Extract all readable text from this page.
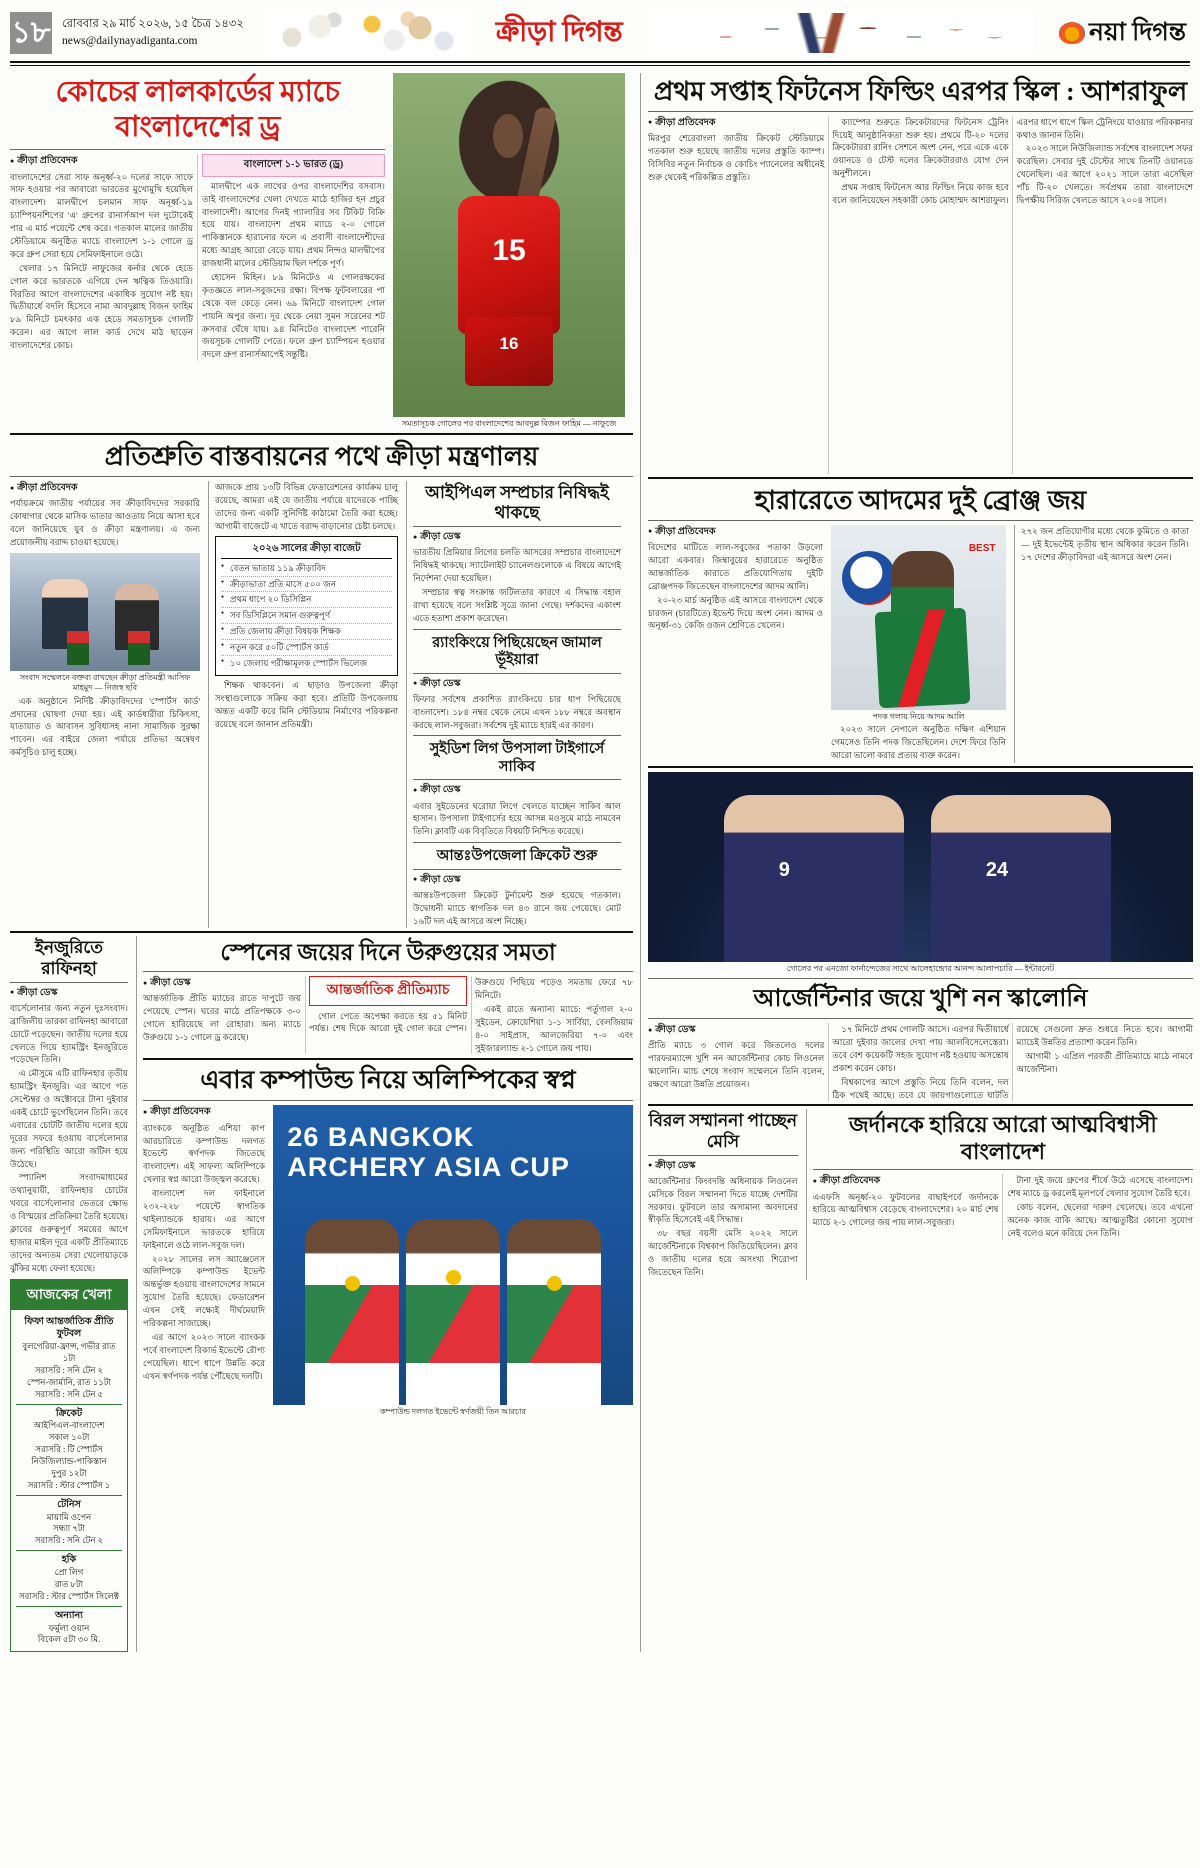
১৮ রোববার ২৯ মার্চ ২০২৬, ১৫ চৈত্র ১৪৩২
news@dailynayadiganta.com	ক্রীড়া দিগন্ত	নয়া দিগন্ত
কোচের লালকার্ডের ম্যাচে বাংলাদেশের ড্র
● ক্রীড়া প্রতিবেদক

বাংলাদেশের সেরা সাফ অনূর্ধ্ব-২০ দলের সাফে সাফে সাফ হওয়ার পর আবারো ভারতের মুখোমুখি হয়েছিল বাংলাদেশ। মালদ্বীপে চলমান সাফ অনূর্ধ্ব-১৯ চ্যাম্পিয়নশিপের 'এ' গ্রুপের রানার্সআপ দল দুটোকেই পার এ মার্চ পয়েন্টে শেষ করে। গতকাল মালের জাতীয় স্টেডিয়ামে অনুষ্ঠিত ম্যাচে বাংলাদেশ ১-১ গোলে ড্র করে গ্রুপ সেরা হয়ে সেমিফাইনালে ওঠে।

খেলার ১৭ মিনিটে নাফুজের কর্নার থেকে হেডে গোল করে ভারতকে এগিয়ে দেন ঋত্বিক তিওয়ারি। বিরতির আগে বাংলাদেশের একাধিক সুযোগ নষ্ট হয়। দ্বিতীয়ার্ধে বদলি হিসেবে নামা আবদুল্লাহ বিজন ফাহিম ৮৯ মিনিটে চমৎকার এক হেডে সমতাসূচক গোলটি করেন। এর আগে লাল কার্ড দেখে মাঠ ছাড়েন বাংলাদেশের কোচ।

বাংলাদেশ ১-১ ভারত (ড্র)

মালদ্বীপে এক লাখের ওপর বাংলাদেশির বসবাস। তাই বাংলাদেশের খেলা দেখতে মাঠে হাজির হন প্রচুর বাংলাদেশী। আগের দিনই গ্যালারির সব টিকিট বিক্রি হয়ে যায়। বাংলাদেশ প্রথম ম্যাচে ২-০ গোলে পাকিস্তানকে হারানোর ফলে এ প্রবাসী বাংলাদেশীদের মধ্যে আগ্রহ আরো বেড়ে যায়। প্রথম নিন্দও মালদ্বীপের রাজধানী মালের স্টেডিয়াম ছিল দর্শকে পূর্ণ।

হোসেন মিহিন। ৮৯ মিনিটেও এ গোলরক্ষকের কৃতজ্ঞতে লাল-সবুজদের রক্ষা। বিপক্ষ ফুটবলারের পা থেকে বল কেড়ে নেন। ৬৯ মিনিটে বাংলাদেশ গোল পায়নি অপুর জন্য। দূর থেকে নেয়া সুমন সরেনের শট ক্রসবার ঘেঁষে যায়। ৯৪ মিনিটেও বাংলাদেশ পারেনি জয়সূচক গোলটি পেতে। ফলে গ্রুপ চ্যাম্পিয়ন হওয়ার বদলে গ্রুপ রানার্সআপেই সন্তুষ্টি।

15
16
সমতাসূচক গোলের পর বাংলাদেশের আবদুল্ল বিজন ফাহিম — নাফুজে
প্রতিশ্রুতি বাস্তবায়নের পথে ক্রীড়া মন্ত্রণালয়
● ক্রীড়া প্রতিবেদক

পর্যায়ক্রমে জাতীয় পর্যায়ের সব ক্রীড়াবিদদের সরকারি কোষাগার থেকে মাসিক ভাতার আওতায় নিয়ে আসা হবে বলে জানিয়েছে যুব ও ক্রীড়া মন্ত্রণালয়। এ জন্য প্রয়োজনীয় বরাদ্দ চাওয়া হয়েছে।

সংবাদ সম্মেলনে বক্তব্য রাখছেন ক্রীড়া প্রতিমন্ত্রী আসিফ মাহমুদ — নিজস্ব ছবি

এক অনুষ্ঠানে নির্দিষ্ট ক্রীড়াবিদদের 'স্পোর্টস কার্ড' প্রদানের ঘোষণা দেয়া হয়। এই কার্ডধারীরা চিকিৎসা, যাতায়াত ও আবাসন সুবিধাসহ নানা সামাজিক সুরক্ষা পাবেন। এর বাইরে জেলা পর্যায়ে প্রতিভা অন্বেষণ কর্মসূচিও চালু হচ্ছে।

আজকে প্রায় ১৩টি বিভিন্ন ফেডারেশনের কার্যক্রম চালু রয়েছে, আমরা এই যে জাতীয় পর্যায়ে যাদেরকে পাচ্ছি তাদের জন্য একটি সুনির্দিষ্ট কাঠামো তৈরি করা হচ্ছে। আগামী বাজেটে এ খাতে বরাদ্দ বাড়ানোর চেষ্টা চলছে।

২০২৬ সালের ক্রীড়া বাজেট
● বেতন ভাতায় ১১৯ ক্রীড়াবিদ
● ক্রীড়াভাতা প্রতি মাসে ৫০০ জন
● প্রথম ধাপে ২০ ডিসিপ্লিন
● সব ডিসিপ্লিনে সমান গুরুত্বপূর্ণ
● প্রতি জেলায় ক্রীড়া বিষয়ক শিক্ষক
● নতুন করে ৫০টি স্পোর্টস কার্ড
● ১০ জেলায় পরীক্ষামূলক স্পোর্টস ভিলেজ

শিক্ষক থাকবেন। এ ছাড়াও উপজেলা ক্রীড়া সংস্থাগুলোকে সক্রিয় করা হবে। প্রতিটি উপজেলায় অন্তত একটি করে মিনি স্টেডিয়াম নির্মাণের পরিকল্পনা রয়েছে বলে জানান প্রতিমন্ত্রী।

আইপিএল সম্প্রচার নিষিদ্ধই থাকছে
● ক্রীড়া ডেস্ক

ভারতীয় প্রিমিয়ার লিগের চলতি আসরের সম্প্রচার বাংলাদেশে নিষিদ্ধই থাকছে। স্যাটেলাইট চ্যানেলগুলোকে এ বিষয়ে আগেই নির্দেশনা দেয়া হয়েছিল।

সম্প্রচার স্বত্ব সংক্রান্ত জটিলতার কারণে এ সিদ্ধান্ত বহাল রাখা হয়েছে বলে সংশ্লিষ্ট সূত্রে জানা গেছে। দর্শকদের একাংশ এতে হতাশা প্রকাশ করেছেন।

র‌্যাংকিংয়ে পিছিয়েছেন জামাল ভূঁইয়ারা
● ক্রীড়া ডেস্ক

ফিফার সর্বশেষ প্রকাশিত র‌্যাংকিংয়ে চার ধাপ পিছিয়েছে বাংলাদেশ। ১৮৪ নম্বর থেকে নেমে এখন ১৮৮ নম্বরে অবস্থান করছে লাল-সবুজরা। সর্বশেষ দুই ম্যাচে হারই এর কারণ।

সুইডিশ লিগ উপসালা টাইগার্সে সাকিব
● ক্রীড়া ডেস্ক

এবার সুইডেনের ঘরোয়া লিগে খেলতে যাচ্ছেন সাকিব আল হাসান। উপসালা টাইগার্সের হয়ে আসন্ন মওসুমে মাঠে নামবেন তিনি। ক্লাবটি এক বিবৃতিতে বিষয়টি নিশ্চিত করেছে।

আন্তঃউপজেলা ক্রিকেট শুরু
● ক্রীড়া ডেস্ক

আন্তঃউপজেলা ক্রিকেট টুর্নামেন্ট শুরু হয়েছে গতকাল। উদ্বোধনী ম্যাচে স্বাগতিক দল ৪৩ রানে জয় পেয়েছে। মোট ১৬টি দল এই আসরে অংশ নিচ্ছে।

ইনজুরিতে রাফিনহা
● ক্রীড়া ডেস্ক

বার্সেলোনার জন্য নতুন দুঃসংবাদ। ব্রাজিলীয় তারকা রাফিনহা আবারো চোটে পড়েছেন। জাতীয় দলের হয়ে খেলতে গিয়ে হ্যামস্ট্রিং ইনজুরিতে পড়েছেন তিনি।

এ মৌসুমে এটি রাফিনহার তৃতীয় হ্যামস্ট্রিং ইনজুরি। এর আগে গত সেপ্টেম্বর ও অক্টোবরে টানা দুইবার একই চোটে ভুগেছিলেন তিনি। তবে এবারের চোটটি জাতীয় দলের হয়ে দূরের সফরে হওয়ায় বার্সেলোনার জন্য পরিস্থিতি আরো জটিল হয়ে উঠেছে।

স্প্যানিশ সংবাদমাধ্যমের তথ্যানুযায়ী, রাফিনহার চোটের খবরে বার্সেলোনার ভেতরে ক্ষোভ ও বিস্ময়ের প্রতিক্রিয়া তৈরি হয়েছে। ক্লাবের গুরুত্বপূর্ণ সময়ের আগে হাজার মাইল দূরে একটি প্রীতিম্যাচে তাদের অন্যতম সেরা খেলোয়াড়কে ঝুঁকির মধ্যে ফেলা হয়েছে।

আজকের খেলা
ফিফা আন্তর্জাতিক প্রীতি ফুটবল
বুলগেরিয়া-ফ্রান্স, গভীর রাত ১টা
সরাসরি : সনি টেন ২
স্পেন-জার্মানি, রাত ১১টা
সরাসরি : সনি টেন ৫
ক্রিকেট
আইপিএল-বাংলাদেশ
সকাল ১০টা
সরাসরি : টি স্পোর্টস
নিউজিল্যান্ড-পাকিস্তান
দুপুর ১২টা
সরাসরি : স্টার স্পোর্টস ১
টেনিস
মায়ামি ওপেন
সন্ধ্যা ৭টা
সরাসরি : সনি টেন ২
হকি
প্রো লিগ
রাত ৮টা
সরাসরি : স্টার স্পোর্টস সিলেক্ট
অন্যান্য
ফর্মুলা ওয়ান
বিকেল ৫টা ৩০ মি.
স্পেনের জয়ের দিনে উরুগুয়ের সমতা
● ক্রীড়া ডেস্ক

আন্তর্জাতিক প্রীতি ম্যাচের রাতে দাপুটে জয় পেয়েছে স্পেন। ঘরের মাঠে প্রতিপক্ষকে ৩-০ গোলে হারিয়েছে লা রোহারা। অন্য ম্যাচে উরুগুয়ে ১-১ গোলে ড্র করেছে।

আন্তর্জাতিক প্রীতিম্যাচ

গোল পেতে অপেক্ষা করতে হয় ৫১ মিনিট পর্যন্ত। শেষ দিকে আরো দুই গোল করে স্পেন। উরুগুয়ে পিছিয়ে পড়েও সমতায় ফেরে ৭৮ মিনিটে।

একই রাতে অন্যান্য ম্যাচে: পর্তুগাল ২-০ সুইডেন, ক্রোয়েশিয়া ১-১ সার্বিয়া, বেলজিয়াম ৪-০ সাইপ্রাস, আলজেরিয়া ৭-০ এবং সুইজারল্যান্ড ২-১ গোলে জয় পায়।

এবার কম্পাউন্ড নিয়ে অলিম্পিকের স্বপ্ন
● ক্রীড়া প্রতিবেদক

ব্যাংককে অনুষ্ঠিত এশিয়া কাপ আরচারিতে কম্পাউন্ড দলগত ইভেন্টে স্বর্ণপদক জিতেছে বাংলাদেশ। এই সাফল্য অলিম্পিকে খেলার স্বপ্ন আরো উজ্জ্বল করেছে।

বাংলাদেশ দল ফাইনালে ২৩২-২২৮ পয়েন্টে স্বাগতিক থাইল্যান্ডকে হারায়। এর আগে সেমিফাইনালে ভারতকে হারিয়ে ফাইনালে ওঠে লাল-সবুজ দল।

২০২৮ সালের লস অ্যাঞ্জেলেস অলিম্পিকে কম্পাউন্ড ইভেন্ট অন্তর্ভুক্ত হওয়ায় বাংলাদেশের সামনে সুযোগ তৈরি হয়েছে। ফেডারেশন এখন সেই লক্ষ্যেই দীর্ঘমেয়াদি পরিকল্পনা সাজাচ্ছে।

এর আগে ২০২৩ সালে ব্যাংকক পর্বে বাংলাদেশ রিকার্ভ ইভেন্টে রৌপ্য পেয়েছিল। ধাপে ধাপে উন্নতি করে এখন স্বর্ণপদক পর্যন্ত পৌঁছেছে দলটি।

26 BANGKOK ARCHERY ASIA CUP
কম্পাউন্ড দলগত ইভেন্টে স্বর্ণজয়ী তিন আরচার
প্রথম সপ্তাহ ফিটনেস ফিল্ডিং এরপর স্কিল : আশরাফুল
● ক্রীড়া প্রতিবেদক

মিরপুর শেরেবাংলা জাতীয় ক্রিকেট স্টেডিয়ামে গতকাল শুরু হয়েছে জাতীয় দলের প্রস্তুতি ক্যাম্প। বিসিবির নতুন নির্বাচক ও কোচিং প্যানেলের অধীনেই শুরু থেকেই পরিকল্পিত প্রস্তুতি।

ক্যাম্পের শুরুতে ক্রিকেটারদের ফিটনেস ট্রেনিং দিয়েই আনুষ্ঠানিকতা শুরু হয়। প্রথমে টি-২০ দলের ক্রিকেটাররা রানিং সেশনে অংশ নেন, পরে একে একে ওয়ানডে ও টেস্ট দলের ক্রিকেটাররাও যোগ দেন অনুশীলনে।

প্রথম সপ্তাহ ফিটনেস আর ফিল্ডিং নিয়ে কাজ হবে বলে জানিয়েছেন সহকারী কোচ মোহাম্মদ আশরাফুল। এরপর ধাপে ধাপে স্কিল ট্রেনিংয়ে যাওয়ার পরিকল্পনার কথাও জানান তিনি।

২০২৩ সালে নিউজিল্যান্ড সর্বশেষ বাংলাদেশ সফর করেছিল। সেবার দুই টেস্টের সাথে তিনটি ওয়ানডে খেলেছিল। এর আগে ২০২১ সালে তারা এসেছিল পাঁচ টি-২০ খেলতে। সর্বপ্রথম তারা বাংলাদেশে দ্বিপক্ষীয় সিরিজ খেলতে আসে ২০০৪ সালে।

হারারেতে আদমের দুই ব্রোঞ্জ জয়
● ক্রীড়া প্রতিবেদক

বিদেশের মাটিতে লাল-সবুজের পতাকা উড়লো আরো একবার। জিম্বাবুয়ের হারারেতে অনুষ্ঠিত আন্তর্জাতিক কারাতে প্রতিযোগিতায় দুইটি ব্রোঞ্জপদক জিতেছেন বাংলাদেশের আদম আলি।

২০-২৩ মার্চ অনুষ্ঠিত এই আসরে বাংলাদেশ থেকে চারজন (চারটিতে) ইভেন্ট দিয়ে অংশ নেন। আদম ও অনূর্ধ্ব-৩১ কেজি ওজন শ্রেণিতে খেলেন।

BEST
পদক গলায় নিয়ে আদম আলি

২০২৩ সালে নেপালে অনুষ্ঠিত দক্ষিণ এশিয়ান গেমসেও তিনি পদক জিতেছিলেন। দেশে ফিরে তিনি আরো ভালো করার প্রত্যয় ব্যক্ত করেন।

২৭২ জন প্রতিযোগীর মধ্যে থেকে কুমিতে ও কাতা — দুই ইভেন্টেই তৃতীয় স্থান অধিকার করেন তিনি। ১৭ দেশের ক্রীড়াবিদরা এই আসরে অংশ নেন।

9	24
গোলের পর এনজো ফার্নান্দেজের সাথে আলেহান্দ্রোর আনন্দ আলাপচারি — ইন্টারনেট
আর্জেন্টিনার জয়ে খুশি নন স্কালোনি
● ক্রীড়া ডেস্ক

প্রীতি ম্যাচে ৩ গোল করে জিতলেও দলের পারফরম্যান্সে খুশি নন আর্জেন্টিনার কোচ লিওনেল স্কালোনি। ম্যাচ শেষে সংবাদ সম্মেলনে তিনি বলেন, রক্ষণে আরো উন্নতি প্রয়োজন।

১৭ মিনিটে প্রথম গোলটি আসে। এরপর দ্বিতীয়ার্ধে আরো দুইবার জালের দেখা পায় আলবিসেলেস্তেরা। তবে বেশ কয়েকটি সহজ সুযোগ নষ্ট হওয়ায় অসন্তোষ প্রকাশ করেন কোচ।

বিশ্বকাপের আগে প্রস্তুতি নিয়ে তিনি বলেন, দল ঠিক পথেই আছে। তবে যে জায়গাগুলোতে ঘাটতি রয়েছে সেগুলো দ্রুত শুধরে নিতে হবে। আগামী ম্যাচেই উন্নতির প্রত্যাশা করেন তিনি।

আগামী ১ এপ্রিল পরবর্তী প্রীতিম্যাচে মাঠে নামবে আর্জেন্টিনা।

বিরল সম্মাননা পাচ্ছেন মেসি
● ক্রীড়া ডেস্ক

আর্জেন্টিনার কিংবদন্তি অধিনায়ক লিওনেল মেসিকে বিরল সম্মাননা দিতে যাচ্ছে দেশটির সরকার। ফুটবলে তার অসামান্য অবদানের স্বীকৃতি হিসেবেই এই সিদ্ধান্ত।

৩৮ বছর বয়সী মেসি ২০২২ সালে আর্জেন্টিনাকে বিশ্বকাপ জিতিয়েছিলেন। ক্লাব ও জাতীয় দলের হয়ে অসংখ্য শিরোপা জিতেছেন তিনি।

জর্দানকে হারিয়ে আরো আত্মবিশ্বাসী বাংলাদেশ
● ক্রীড়া প্রতিবেদক

এএফসি অনূর্ধ্ব-২০ ফুটবলের বাছাইপর্বে জর্দানকে হারিয়ে আত্মবিশ্বাস বেড়েছে বাংলাদেশের। ২০ মার্চ শেষ ম্যাচে ২-১ গোলের জয় পায় লাল-সবুজরা।

টানা দুই জয়ে গ্রুপের শীর্ষে উঠে এসেছে বাংলাদেশ। শেষ ম্যাচে ড্র করলেই মূলপর্বে খেলার সুযোগ তৈরি হবে।

কোচ বলেন, ছেলেরা দারুণ খেলেছে। তবে এখনো অনেক কাজ বাকি আছে। আত্মতুষ্টির কোনো সুযোগ নেই বলেও মনে করিয়ে দেন তিনি।
